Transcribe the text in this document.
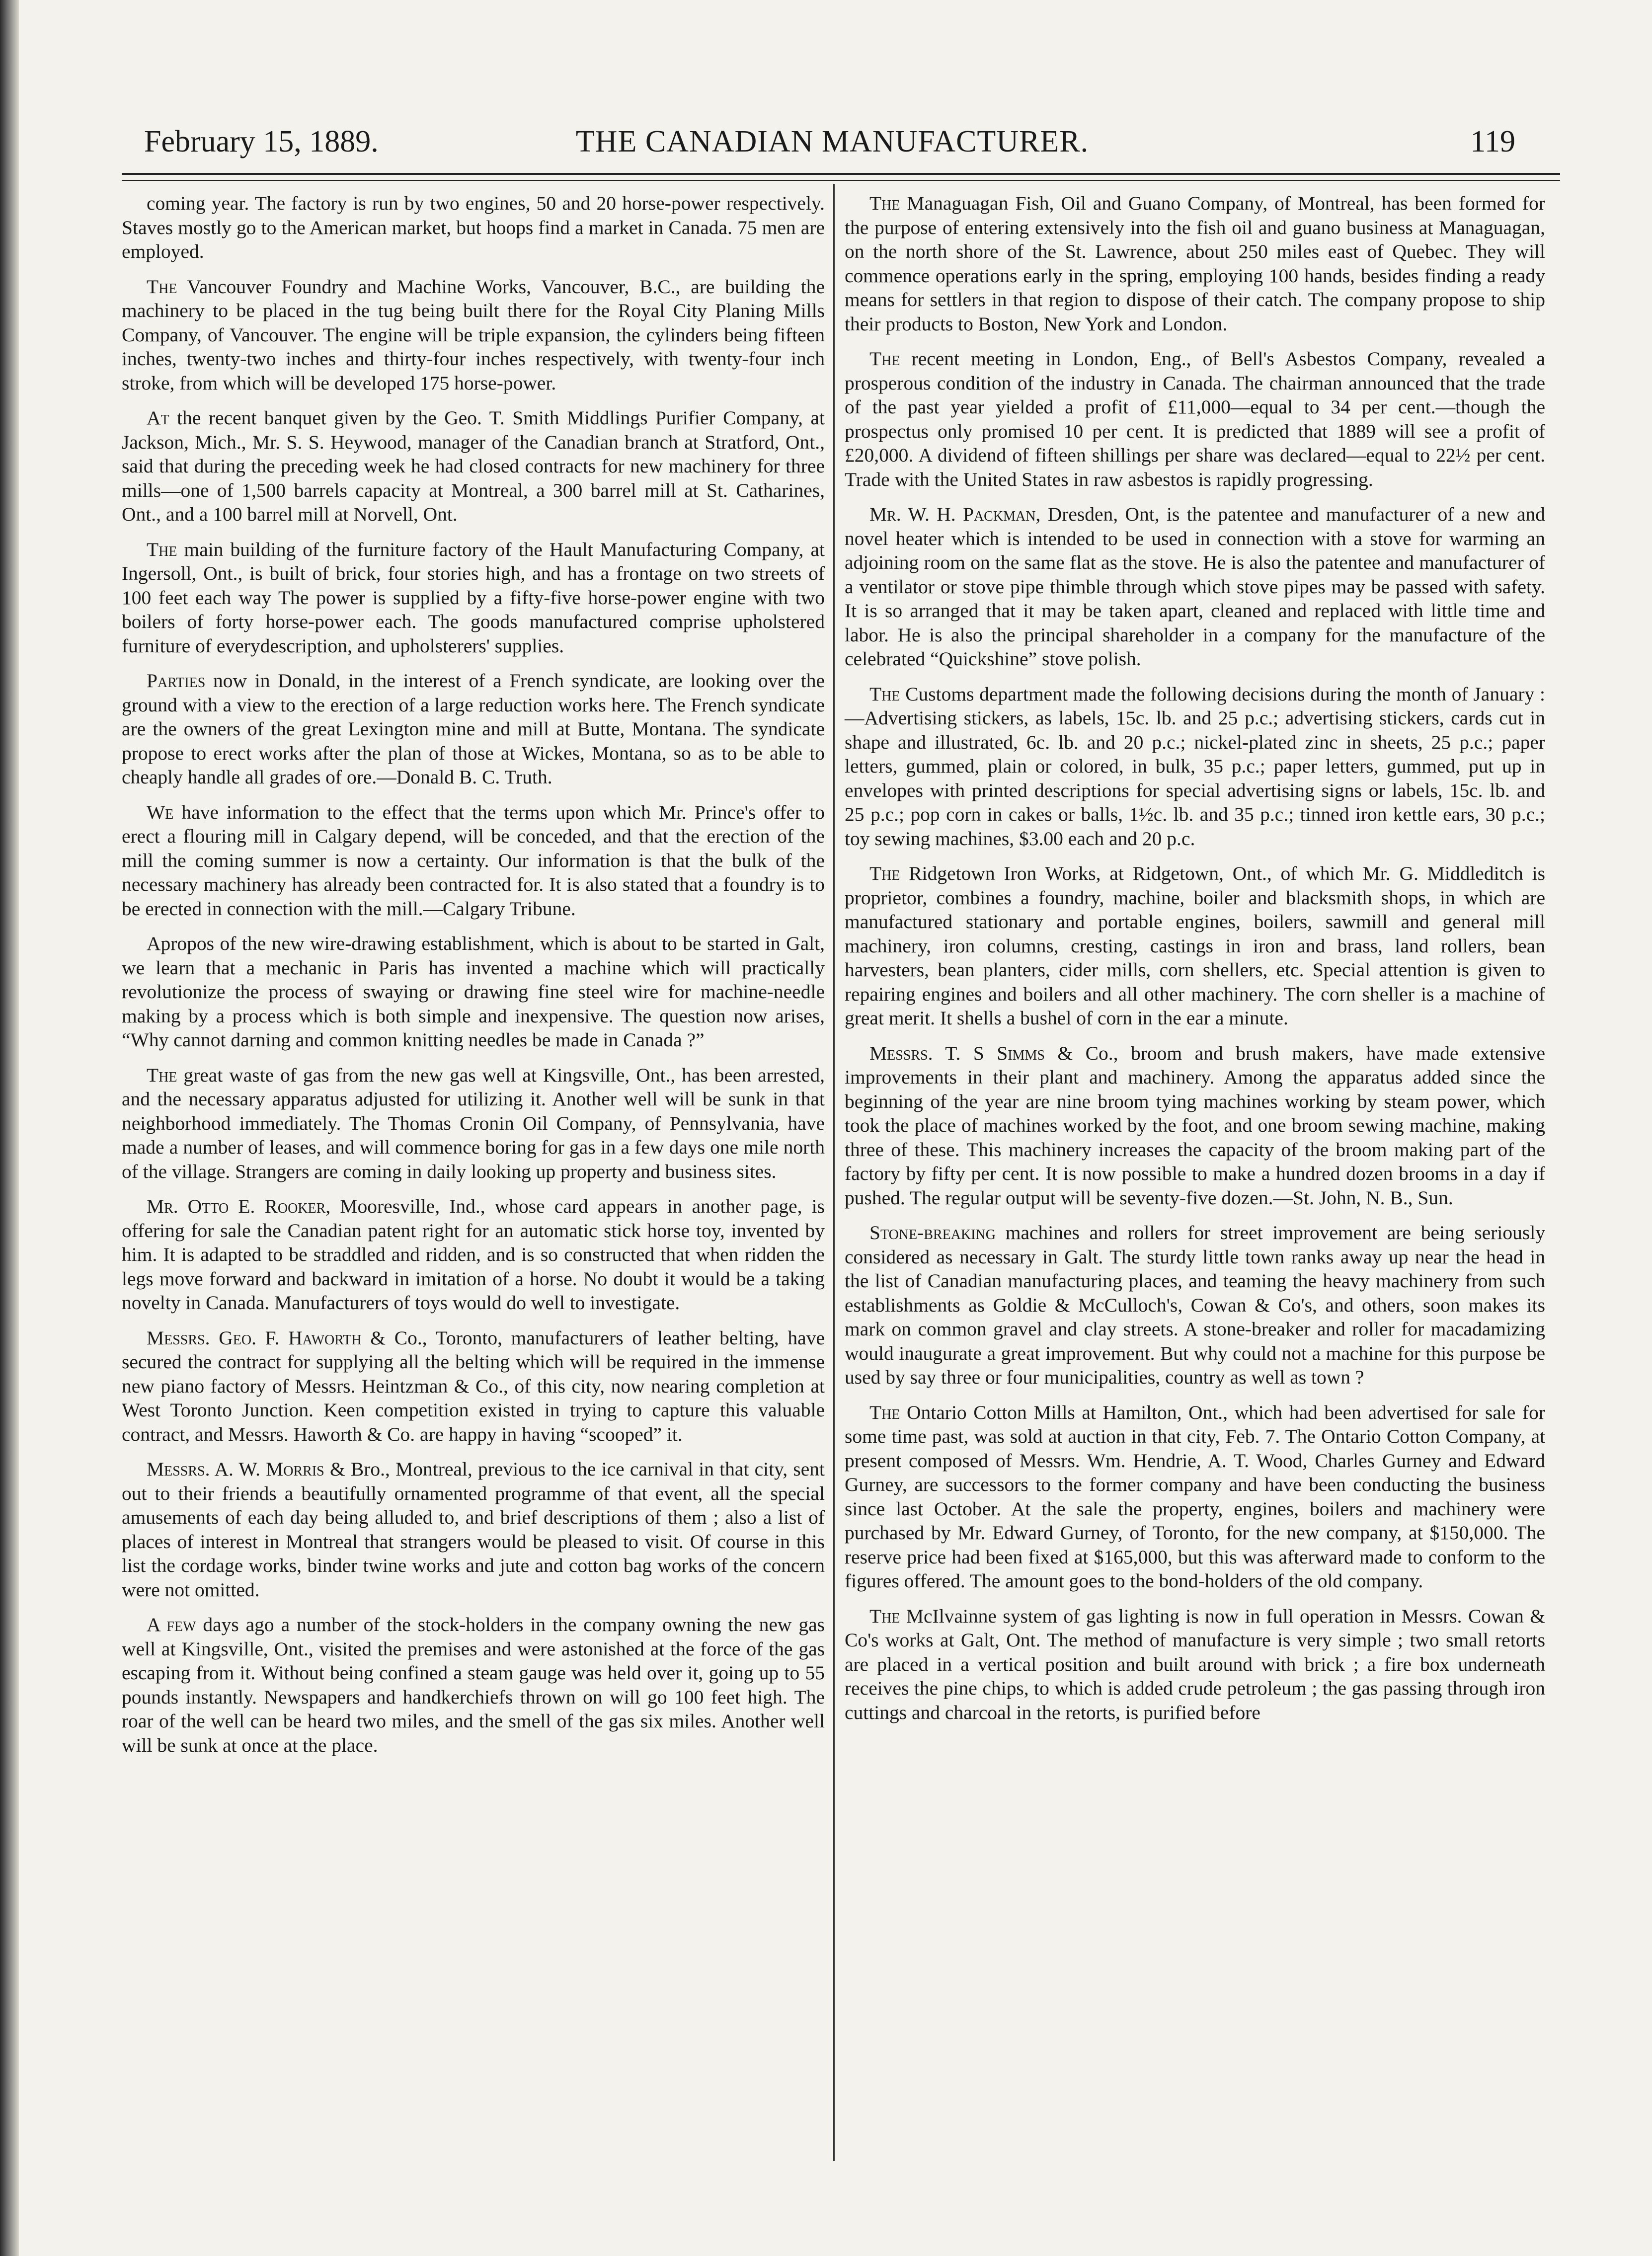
February 15, 1889.	THE CANADIAN MANUFACTURER.	119

coming year. The factory is run by two engines, 50 and 20 horse-power respectively. Staves mostly go to the American market, but hoops find a market in Canada. 75 men are employed.

The Vancouver Foundry and Machine Works, Vancouver, B.C., are building the machinery to be placed in the tug being built there for the Royal City Planing Mills Company, of Vancouver. The engine will be triple expansion, the cylinders being fifteen inches, twenty-two inches and thirty-four inches respectively, with twenty-four inch stroke, from which will be developed 175 horse-power.

At the recent banquet given by the Geo. T. Smith Middlings Purifier Company, at Jackson, Mich., Mr. S. S. Heywood, manager of the Canadian branch at Stratford, Ont., said that during the preceding week he had closed contracts for new machinery for three mills—one of 1,500 barrels capacity at Montreal, a 300 barrel mill at St. Catharines, Ont., and a 100 barrel mill at Norvell, Ont.

The main building of the furniture factory of the Hault Manufacturing Company, at Ingersoll, Ont., is built of brick, four stories high, and has a frontage on two streets of 100 feet each way The power is supplied by a fifty-five horse-power engine with two boilers of forty horse-power each. The goods manufactured comprise upholstered furniture of everydescription, and upholsterers' supplies.

Parties now in Donald, in the interest of a French syndicate, are looking over the ground with a view to the erection of a large reduction works here. The French syndicate are the owners of the great Lexington mine and mill at Butte, Montana. The syndicate propose to erect works after the plan of those at Wickes, Montana, so as to be able to cheaply handle all grades of ore.—Donald B. C. Truth.

We have information to the effect that the terms upon which Mr. Prince's offer to erect a flouring mill in Calgary depend, will be conceded, and that the erection of the mill the coming summer is now a certainty. Our information is that the bulk of the necessary machinery has already been contracted for. It is also stated that a foundry is to be erected in connection with the mill.—Calgary Tribune.

Apropos of the new wire-drawing establishment, which is about to be started in Galt, we learn that a mechanic in Paris has invented a machine which will practically revolutionize the process of swaying or drawing fine steel wire for machine-needle making by a process which is both simple and inexpensive. The question now arises, “Why cannot darning and common knitting needles be made in Canada ?”

The great waste of gas from the new gas well at Kingsville, Ont., has been arrested, and the necessary apparatus adjusted for utilizing it. Another well will be sunk in that neighborhood immediately. The Thomas Cronin Oil Company, of Pennsylvania, have made a number of leases, and will commence boring for gas in a few days one mile north of the village. Strangers are coming in daily looking up property and business sites.

Mr. Otto E. Rooker, Mooresville, Ind., whose card appears in another page, is offering for sale the Canadian patent right for an automatic stick horse toy, invented by him. It is adapted to be straddled and ridden, and is so constructed that when ridden the legs move forward and backward in imitation of a horse. No doubt it would be a taking novelty in Canada. Manufacturers of toys would do well to investigate.

Messrs. Geo. F. Haworth & Co., Toronto, manufacturers of leather belting, have secured the contract for supplying all the belting which will be required in the immense new piano factory of Messrs. Heintzman & Co., of this city, now nearing completion at West Toronto Junction. Keen competition existed in trying to capture this valuable contract, and Messrs. Haworth & Co. are happy in having “scooped” it.

Messrs. A. W. Morris & Bro., Montreal, previous to the ice carnival in that city, sent out to their friends a beautifully ornamented programme of that event, all the special amusements of each day being alluded to, and brief descriptions of them ; also a list of places of interest in Montreal that strangers would be pleased to visit. Of course in this list the cordage works, binder twine works and jute and cotton bag works of the concern were not omitted.

A few days ago a number of the stock-holders in the company owning the new gas well at Kingsville, Ont., visited the premises and were astonished at the force of the gas escaping from it. Without being confined a steam gauge was held over it, going up to 55 pounds instantly. Newspapers and handkerchiefs thrown on will go 100 feet high. The roar of the well can be heard two miles, and the smell of the gas six miles. Another well will be sunk at once at the place.

The Managuagan Fish, Oil and Guano Company, of Montreal, has been formed for the purpose of entering extensively into the fish oil and guano business at Managuagan, on the north shore of the St. Lawrence, about 250 miles east of Quebec. They will commence operations early in the spring, employing 100 hands, besides finding a ready means for settlers in that region to dispose of their catch. The company propose to ship their products to Boston, New York and London.

The recent meeting in London, Eng., of Bell's Asbestos Company, revealed a prosperous condition of the industry in Canada. The chairman announced that the trade of the past year yielded a profit of £11,000—equal to 34 per cent.—though the prospectus only promised 10 per cent. It is predicted that 1889 will see a profit of £20,000. A dividend of fifteen shillings per share was declared—equal to 22½ per cent. Trade with the United States in raw asbestos is rapidly progressing.

Mr. W. H. Packman, Dresden, Ont, is the patentee and manufacturer of a new and novel heater which is intended to be used in connection with a stove for warming an adjoining room on the same flat as the stove. He is also the patentee and manufacturer of a ventilator or stove pipe thimble through which stove pipes may be passed with safety. It is so arranged that it may be taken apart, cleaned and replaced with little time and labor. He is also the principal shareholder in a company for the manufacture of the celebrated “Quickshine” stove polish.

The Customs department made the following decisions during the month of January :—Advertising stickers, as labels, 15c. lb. and 25 p.c.; advertising stickers, cards cut in shape and illustrated, 6c. lb. and 20 p.c.; nickel-plated zinc in sheets, 25 p.c.; paper letters, gummed, plain or colored, in bulk, 35 p.c.; paper letters, gummed, put up in envelopes with printed descriptions for special advertising signs or labels, 15c. lb. and 25 p.c.; pop corn in cakes or balls, 1½c. lb. and 35 p.c.; tinned iron kettle ears, 30 p.c.; toy sewing machines, $3.00 each and 20 p.c.

The Ridgetown Iron Works, at Ridgetown, Ont., of which Mr. G. Middleditch is proprietor, combines a foundry, machine, boiler and blacksmith shops, in which are manufactured stationary and portable engines, boilers, sawmill and general mill machinery, iron columns, cresting, castings in iron and brass, land rollers, bean harvesters, bean planters, cider mills, corn shellers, etc. Special attention is given to repairing engines and boilers and all other machinery. The corn sheller is a machine of great merit. It shells a bushel of corn in the ear a minute.

Messrs. T. S Simms & Co., broom and brush makers, have made extensive improvements in their plant and machinery. Among the apparatus added since the beginning of the year are nine broom tying machines working by steam power, which took the place of machines worked by the foot, and one broom sewing machine, making three of these. This machinery increases the capacity of the broom making part of the factory by fifty per cent. It is now possible to make a hundred dozen brooms in a day if pushed. The regular output will be seventy-five dozen.—St. John, N. B., Sun.

Stone-breaking machines and rollers for street improvement are being seriously considered as necessary in Galt. The sturdy little town ranks away up near the head in the list of Canadian manufacturing places, and teaming the heavy machinery from such establishments as Goldie & McCulloch's, Cowan & Co's, and others, soon makes its mark on common gravel and clay streets. A stone-breaker and roller for macadamizing would inaugurate a great improvement. But why could not a machine for this purpose be used by say three or four municipalities, country as well as town ?

The Ontario Cotton Mills at Hamilton, Ont., which had been advertised for sale for some time past, was sold at auction in that city, Feb. 7. The Ontario Cotton Company, at present composed of Messrs. Wm. Hendrie, A. T. Wood, Charles Gurney and Edward Gurney, are successors to the former company and have been conducting the business since last October. At the sale the property, engines, boilers and machinery were purchased by Mr. Edward Gurney, of Toronto, for the new company, at $150,000. The reserve price had been fixed at $165,000, but this was afterward made to conform to the figures offered. The amount goes to the bond-holders of the old company.

The McIlvainne system of gas lighting is now in full operation in Messrs. Cowan & Co's works at Galt, Ont. The method of manufacture is very simple ; two small retorts are placed in a vertical position and built around with brick ; a fire box underneath receives the pine chips, to which is added crude petroleum ; the gas passing through iron cuttings and charcoal in the retorts, is purified before
